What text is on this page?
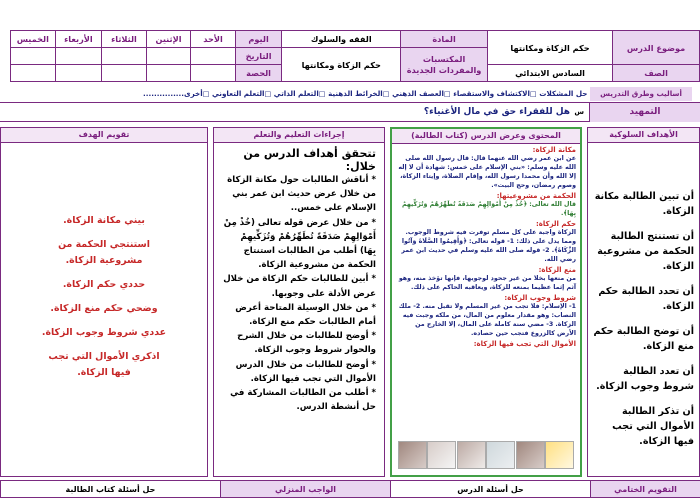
موضوع الدرس	حكم الزكاة ومكانتها	المادة	الفقه والسلوك	اليوم	الأحد	الإثنين	الثلاثاء	الأربعاء	الخميس
		المكتسبات والمفردات الجديدة	حكم الزكاة ومكانتها	التاريخ					
الصف	السادس الابتدائي			الحصة					
أساليب وطرق التدريس حل المشكلات □الاكتشاف والاستقصاء □العصف الذهني □الخرائط الذهنية □التعلم الذاتي □التعلم التعاوني □أخرى...............
التمهيد
س
هل للفقراء حق في مال الأغنياء؟
الأهداف السلوكية
أن تبين الطالبة مكانة الزكاة.
أن تستنتج الطالبة الحكمة من مشروعية الزكاة.
أن تحدد الطالبة حكم الزكاة.
أن توضح الطالبة حكم منع الزكاة.
أن تعدد الطالبة شروط وجوب الزكاة.
أن تذكر الطالبة الأموال التي تجب فيها الزكاة.
المحتوى وعرض الدرس (كتاب الطالبة)
مكانة الزكاة:
عن ابن عمر رضي الله عنهما قال: قال رسول الله صلى الله عليه وسلم: «بني الإسلام على خمس: شهادة أن لا إله إلا الله وأن محمدا رسول الله، وإقام الصلاة، وإيتاء الزكاة، وصوم رمضان، وحج البيت».
الحكمة من مشروعيتها:
قال الله تعالى: ﴿خُذْ مِنْ أَمْوَالِهِمْ صَدَقَةً تُطَهِّرُهُمْ وَتُزَكِّيهِمْ بِهَا﴾.
حكم الزكاة:
الزكاة واجبة على كل مسلم توفرت فيه شروط الوجوب. ومما يدل على ذلك: 1- قوله تعالى: ﴿وَأَقِيمُوا الصَّلَاةَ وَآتُوا الزَّكَاةَ﴾. 2- قوله صلى الله عليه وسلم في حديث ابن عمر رضي الله.
منع الزكاة:
من منعها بخلا من غير جحود لوجوبها، فإنها تؤخذ منه، وهو آثم إثما عظيما بمنعه للزكاة، ويعاقبه الحاكم على ذلك.
شروط وجوب الزكاة:
1- الإسلام: فلا تجب من غير المسلم ولا تقبل منه. 2- ملك النصاب: وهو مقدار معلوم من المال، من ملكه وجبت فيه الزكاة. 3- مضي سنة كاملة على المال، إلا الخارج من الأرض كالزروع فتجب حين حصاده.
الأموال التي تجب فيها الزكاة:
إجراءات التعليم والتعلم
تتحقق أهداف الدرس من خلال:
* أناقش الطالبات حول مكانة الزكاة من خلال عرض حديث ابن عمر بني الإسلام على خمس..
* من خلال عرض قوله تعالى (خُذْ مِنْ أَمْوَالِهِمْ صَدَقَةً تُطَهِّرُهُمْ وَتُزَكِّيهِمْ بِهَا) أطلب من الطالبات استنتاج الحكمة من مشروعية الزكاة.
* أبين للطالبات حكم الزكاة من خلال عرض الأدلة على وجوبها.
* من خلال الوسيلة المتاحة أعرض أمام الطالبات حكم منع الزكاة.
* أوضح للطالبات من خلال الشرح والحوار شروط وجوب الزكاة.
* أوضح للطالبات من خلال الدرس الأموال التي تجب فيها الزكاة.
* أطلب من الطالبات المشاركة في حل أنشطة الدرس.
تقويم الهدف
بيني مكانة الزكاة.
استنتجي الحكمة من مشروعية الزكاة.
حددي حكم الزكاة.
وضحي حكم منع الزكاة.
عددي شروط وجوب الزكاة.
اذكري الأموال التي تجب فيها الزكاة.
التقويم الختامي	حل أسئلة الدرس	الواجب المنزلي	حل أسئلة كتاب الطالبة
